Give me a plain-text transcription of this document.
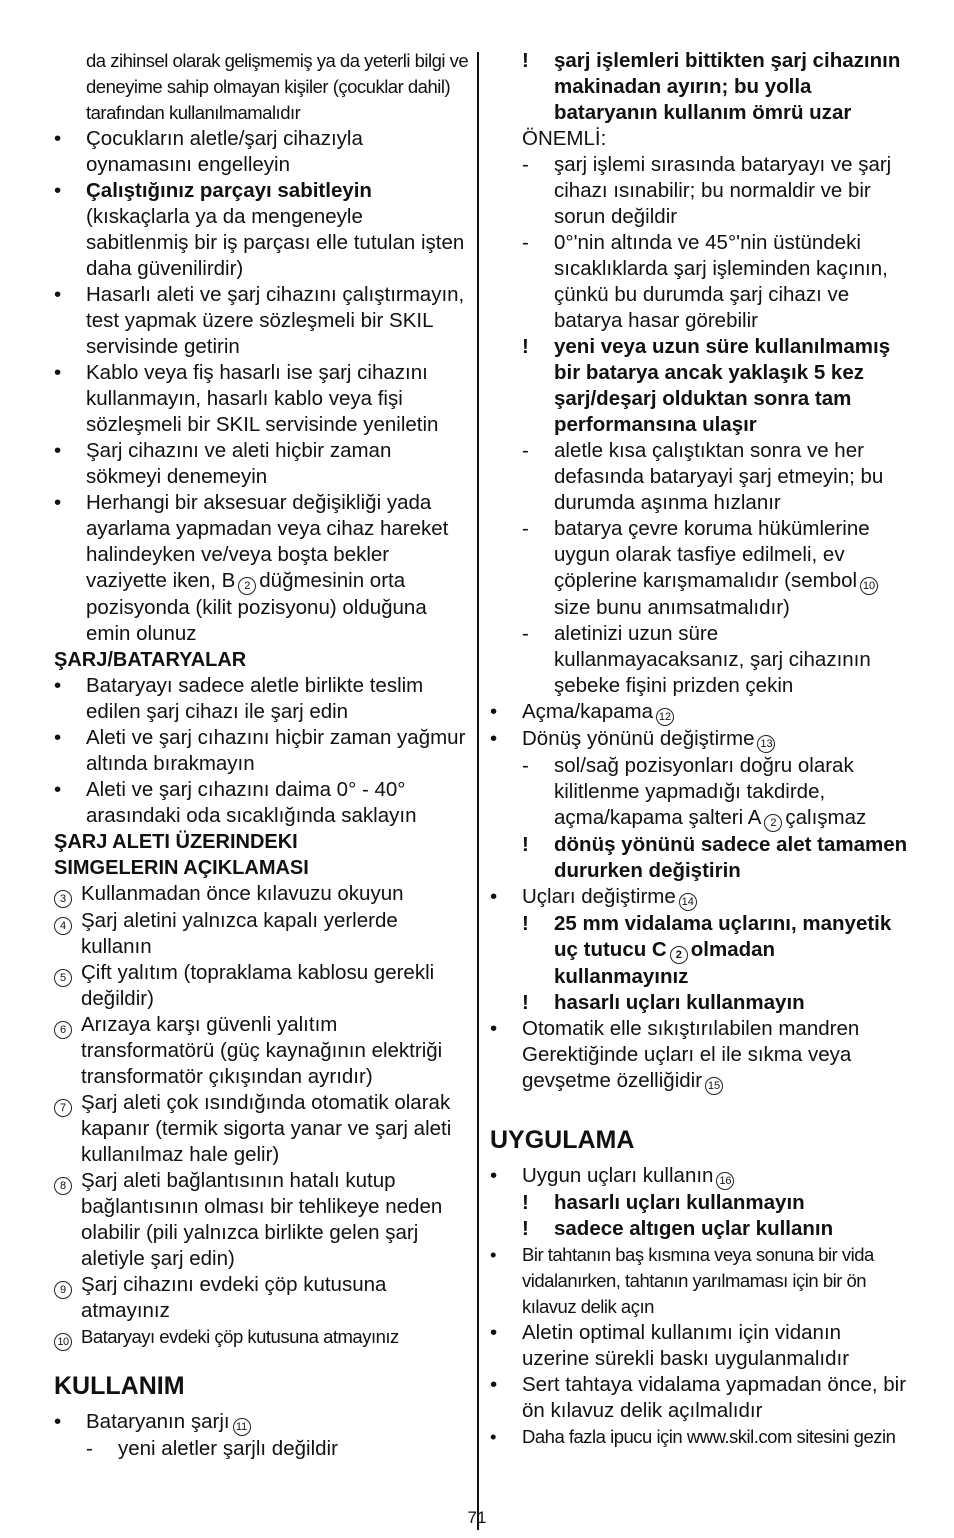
da zihinsel olarak gelişmemiş ya da yeterli bilgi ve deneyime sahip olmayan kişiler (çocuklar dahil) tarafından kullanılmamalıdır
•	Çocukların aletle/şarj cihazıyla oynamasını engelleyin
•	Çalıştığınız parçayı sabitleyin (kıskaçlarla ya da mengeneyle sabitlenmiş bir iş parçası elle tutulan işten daha güvenilirdir)
•	Hasarlı aleti ve şarj cihazını çalıştırmayın, test yapmak üzere sözleşmeli bir SKIL servisinde getirin
•	Kablo veya fiş hasarlı ise şarj cihazını kullanmayın, hasarlı kablo veya fişi sözleşmeli bir SKIL servisinde yeniletin
•	Şarj cihazını ve aleti hiçbir zaman sökmeyi denemeyin
•	Herhangi bir aksesuar değişikliği yada ayarlama yapmadan veya cihaz hareket halindeyken ve/veya boşta bekler vaziyette iken, B 2 düğmesinin orta pozisyonda (kilit pozisyonu) olduğuna emin olunuz
ŞARJ/BATARYALAR
•	Bataryayı sadece aletle birlikte teslim edilen şarj cihazı ile şarj edin
•	Aleti ve şarj cıhazını hiçbir zaman yağmur altında bırakmayın
•	Aleti ve şarj cıhazını daima 0° - 40° arasındaki oda sıcaklığında saklayın
ŞARJ ALETI ÜZERINDEKI
SIMGELERIN AÇIKLAMASI
3 Kullanmadan önce kılavuzu okuyun
4 Şarj aletini yalnızca kapalı yerlerde kullanın
5 Çift yalıtım (topraklama kablosu gerekli değildir)
6 Arızaya karşı güvenli yalıtım transformatörü (güç kaynağının elektriği transformatör çıkışından ayrıdır)
7 Şarj aleti çok ısındığında otomatik olarak kapanır (termik sigorta yanar ve şarj aleti kullanılmaz hale gelir)
8 Şarj aleti bağlantısının hatalı kutup bağlantısının olması bir tehlikeye neden olabilir (pili yalnızca birlikte gelen şarj aletiyle şarj edin)
9 Şarj cihazını evdeki çöp kutusuna atmayınız
10 Bataryayı evdeki çöp kutusuna atmayınız
KULLANIM
•	Bataryanın şarjı 11
-	yeni aletler şarjlı değildir
!	şarj işlemleri bittikten şarj cihazının makinadan ayırın; bu yolla bataryanın kullanım ömrü uzar
ÖNEMLİ:
-	şarj işlemi sırasında bataryayı ve şarj cihazı ısınabilir; bu normaldir ve bir sorun değildir
-	0°'nin altında ve 45°'nin üstündeki sıcaklıklarda şarj işleminden kaçının, çünkü bu durumda şarj cihazı ve batarya hasar görebilir
!	yeni veya uzun süre kullanılmamış bir batarya ancak yaklaşık 5 kez şarj/deşarj olduktan sonra tam performansına ulaşır
-	aletle kısa çalıştıktan sonra ve her defasında bataryayi şarj etmeyin; bu durumda aşınma hızlanır
-	batarya çevre koruma hükümlerine uygun olarak tasfiye edilmeli, ev çöplerine karışmamalıdır (sembol 10size bunu anımsatmalıdır)
-	aletinizi uzun süre kullanmayacaksanız, şarj cihazının şebeke fişini prizden çekin
•	Açma/kapama 12
•	Dönüş yönünü değiştirme 13
-	sol/sağ pozisyonları doğru olarak kilitlenme yapmadığı takdirde, açma/kapama şalteri A 2 çalışmaz
!	dönüş yönünü sadece alet tamamen dururken değiştirin
•	Uçları değiştirme 14
!	25 mm vidalama uçlarını, manyetik uç tutucu C 2 olmadan kullanmayınız
!	hasarlı uçları kullanmayın
•	Otomatik elle sıkıştırılabilen mandren Gerektiğinde uçları el ile sıkma veya gevşetme özelliğidir 15
UYGULAMA
•	Uygun uçları kullanın 16
!	hasarlı uçları kullanmayın
!	sadece altıgen uçlar kullanın
•	Bir tahtanın baş kısmına veya sonuna bir vida vidalanırken, tahtanın yarılmaması için bir ön kılavuz delik açın
•	Aletin optimal kullanımı için vidanın uzerine sürekli baskı uygulanmalıdır
•	Sert tahtaya vidalama yapmadan önce, bir ön kılavuz delik açılmalıdır
•	Daha fazla ipucu için www.skil.com sitesini gezin
71
